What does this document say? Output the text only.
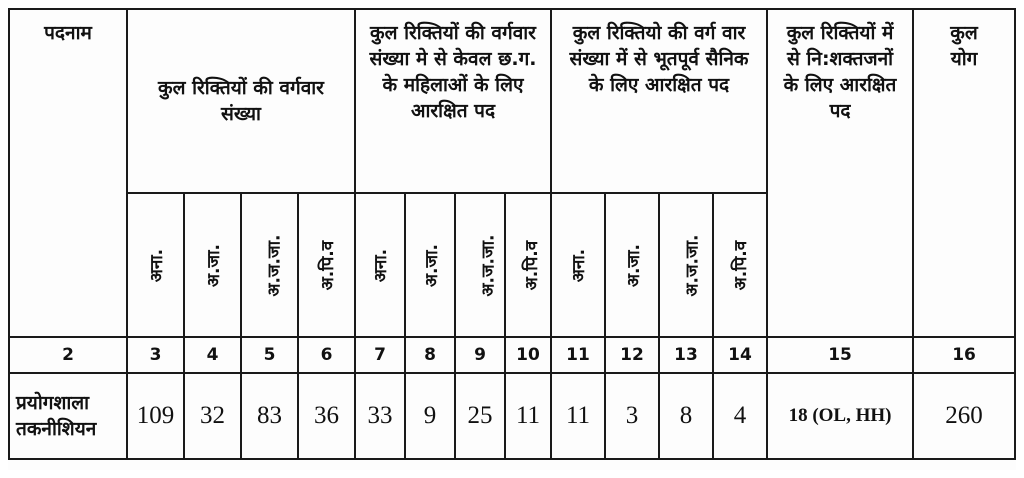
पदनाम	कुल रिक्तियों की वर्गवार संख्या				कुल रिक्तियों की वर्गवार संख्या मे से केवल छ.ग. के महिलाओं के लिए आरक्षित पद				कुल रिक्तियो की वर्ग वार संख्या में से भूतपूर्व सैनिक के लिए आरक्षित पद				कुल रिक्तियों में से नि:शक्तजनों के लिए आरक्षित पद	कुल योग
	अना.	अ.जा.	अ.ज.जा.	अ.पि.व	अना.	अ.जा.	अ.ज.जा.	अ.पि.व	अना.	अ.जा.	अ.ज.जा.	अ.पि.व		
2	3	4	5	6	7	8	9	10	11	12	13	14	15	16
प्रयोगशाला तकनीशियन	109	32	83	36	33	9	25	11	11	3	8	4	18 (OL, HH)	260
